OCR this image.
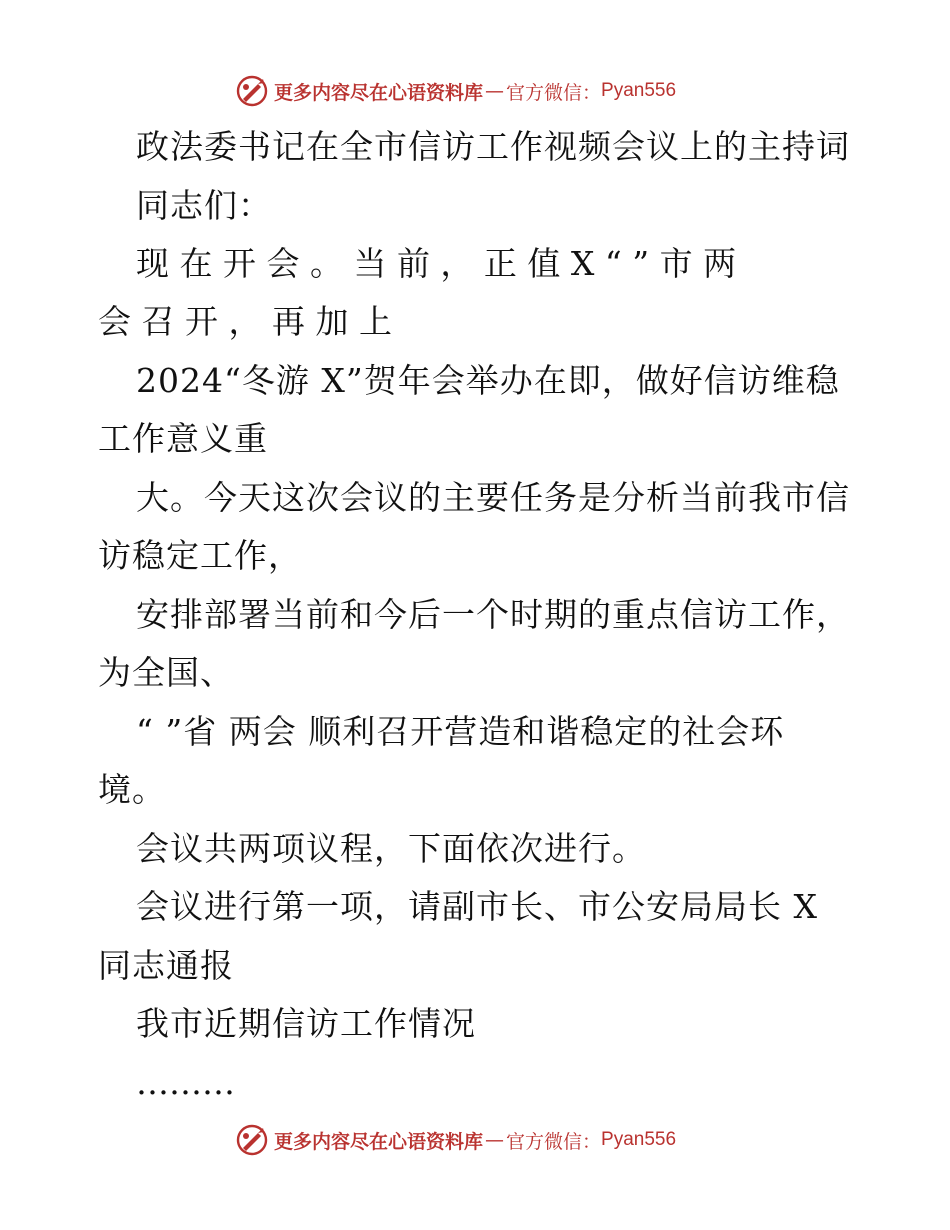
更多内容尽在心语资料库 — 官方微信： Pyan556
政法委书记在全市信访工作视频会议上的主持词
同志们：
现 在 开 会 。 当 前 ， 正 值 X “ ” 市 两
会 召 开 ， 再 加 上
2024“冬游 X”贺年会举办在即，做好信访维稳
工作意义重
大。今天这次会议的主要任务是分析当前我市信
访稳定工作，
安排部署当前和今后一个时期的重点信访工作，
为全国、
“ ”省 两会 顺利召开营造和谐稳定的社会环
境。
会议共两项议程，下面依次进行。
会议进行第一项，请副市长、市公安局局长 X
同志通报
我市近期信访工作情况
………
更多内容尽在心语资料库 — 官方微信： Pyan556
